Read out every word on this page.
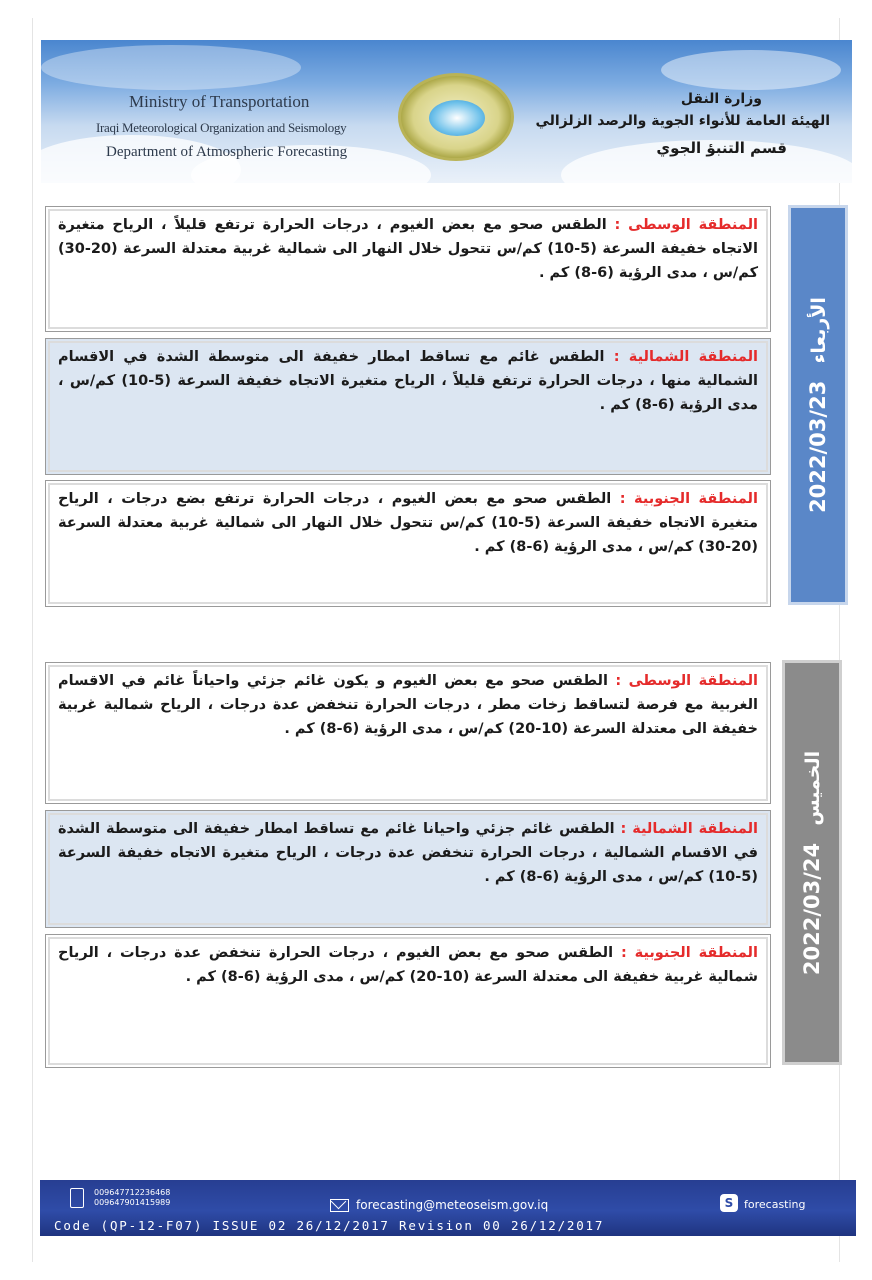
Ministry of Transportation
Iraqi Meteorological Organization and Seismology
Department of Atmospheric Forecasting
وزارة النقل
الهيئة العامة للأنواء الجوية والرصد الزلزالي
قسم التنبؤ الجوي
المنطقة الوسطى : الطقس صحو مع بعض الغيوم ، درجات الحرارة ترتفع قليلاً ، الرياح متغيرة الاتجاه خفيفة السرعة (5-10) كم/س تتحول خلال النهار الى شمالية غربية معتدلة السرعة (20-30) كم/س ، مدى الرؤية (6-8) كم .
المنطقة الشمالية : الطقس غائم مع تساقط امطار خفيفة الى متوسطة الشدة في الاقسام الشمالية منها ، درجات الحرارة ترتفع قليلاً ، الرياح متغيرة الاتجاه خفيفة السرعة (5-10) كم/س ، مدى الرؤية (6-8) كم .
المنطقة الجنوبية : الطقس صحو مع بعض الغيوم ، درجات الحرارة ترتفع بضع درجات ، الرياح متغيرة الاتجاه خفيفة السرعة (5-10) كم/س تتحول خلال النهار الى شمالية غربية معتدلة السرعة (20-30) كم/س ، مدى الرؤية (6-8) كم .
2022/03/23 الأربعاء
المنطقة الوسطى : الطقس صحو مع بعض الغيوم و يكون غائم جزئي واحياناً غائم في الاقسام الغربية مع فرصة لتساقط زخات مطر ، درجات الحرارة تنخفض عدة درجات ، الرياح شمالية غربية خفيفة الى معتدلة السرعة (10-20) كم/س ، مدى الرؤية (6-8) كم .
المنطقة الشمالية : الطقس غائم جزئي واحيانا غائم مع تساقط امطار خفيفة الى متوسطة الشدة في الاقسام الشمالية ، درجات الحرارة تنخفض عدة درجات ، الرياح متغيرة الاتجاه خفيفة السرعة (5-10) كم/س ، مدى الرؤية (6-8) كم .
المنطقة الجنوبية : الطقس صحو مع بعض الغيوم ، درجات الحرارة تنخفض عدة درجات ، الرياح شمالية غربية خفيفة الى معتدلة السرعة (10-20) كم/س ، مدى الرؤية (6-8) كم .
2022/03/24 الخميس
009647712236468
009647901415989	forecasting@meteoseism.gov.iq	S forecasting
Code (QP-12-F07) ISSUE 02 26/12/2017 Revision 00 26/12/2017
